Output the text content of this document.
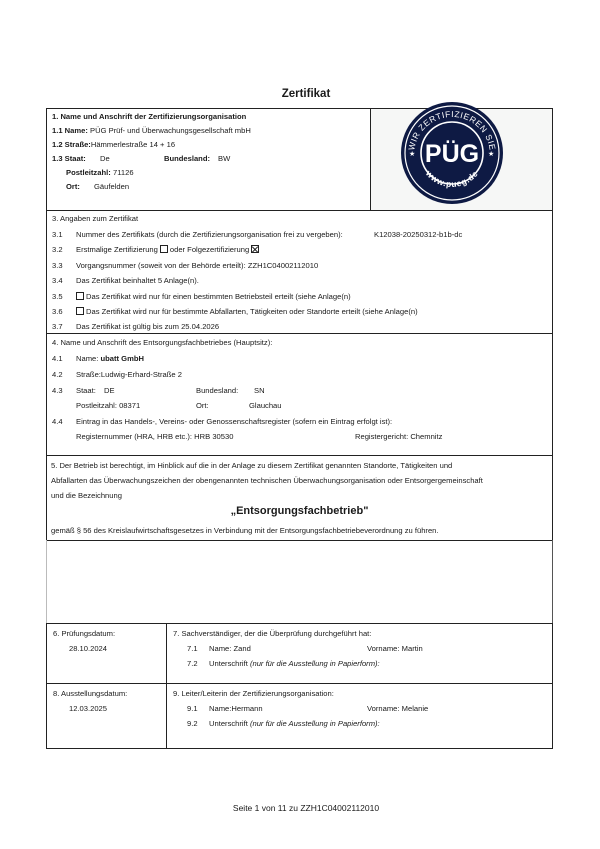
Zertifikat
1. Name und Anschrift der Zertifizierungsorganisation
1.1 Name: PÜG Prüf- und Überwachungsgesellschaft mbH
1.2 Straße:Hämmerlestraße 14 + 16
1.3 Staat: De	Bundesland: BW
Postleitzahl: 71126
Ort: Gäufelden
WIR ZERTIFIZIEREN SIE
www.pueg.de
PÜG
★	★
3. Angaben zum Zertifikat
3.1 Nummer des Zertifikats (durch die Zertifizierungsorganisation frei zu vergeben):	K12038-20250312-b1b-dc
3.2 Erstmalige Zertifizierung oder Folgezertifizierung
3.3 Vorgangsnummer (soweit von der Behörde erteilt): ZZH1C04002112010
3.4 Das Zertifikat beinhaltet 5 Anlage(n).
3.5	Das Zertifikat wird nur für einen bestimmten Betriebsteil erteilt (siehe Anlage(n)
3.6	Das Zertifikat wird nur für bestimmte Abfallarten, Tätigkeiten oder Standorte erteilt (siehe Anlage(n)
3.7 Das Zertifikat ist gültig bis zum 25.04.2026
4. Name und Anschrift des Entsorgungsfachbetriebes (Hauptsitz):
4.1 Name: ubatt GmbH
4.2 Straße:Ludwig-Erhard-Straße 2
4.3 Staat: DE	Bundesland: SN
Postleitzahl: 08371	Ort:	Glauchau
4.4 Eintrag in das Handels-, Vereins- oder Genossenschaftsregister (sofern ein Eintrag erfolgt ist):
Registernummer (HRA, HRB etc.): HRB 30530	Registergericht: Chemnitz
5. Der Betrieb ist berechtigt, im Hinblick auf die in der Anlage zu diesem Zertifikat genannten Standorte, Tätigkeiten und
Abfallarten das Überwachungszeichen der obengenannten technischen Überwachungsorganisation oder Entsorgergemeinschaft
und die Bezeichnung
gemäß § 56 des Kreislaufwirtschaftsgesetzes in Verbindung mit der Entsorgungsfachbetriebeverordnung zu führen.
„Entsorgungsfachbetrieb"
6. Prüfungsdatum:
28.10.2024
7. Sachverständiger, der die Überprüfung durchgeführt hat:
7.1 Name: Zand	Vorname: Martin
7.2 Unterschrift (nur für die Ausstellung in Papierform):
8. Ausstellungsdatum:
12.03.2025
9. Leiter/Leiterin der Zertifizierungsorganisation:
9.1 Name:Hermann	Vorname: Melanie
9.2 Unterschrift (nur für die Ausstellung in Papierform):
Seite 1 von 11 zu ZZH1C04002112010
